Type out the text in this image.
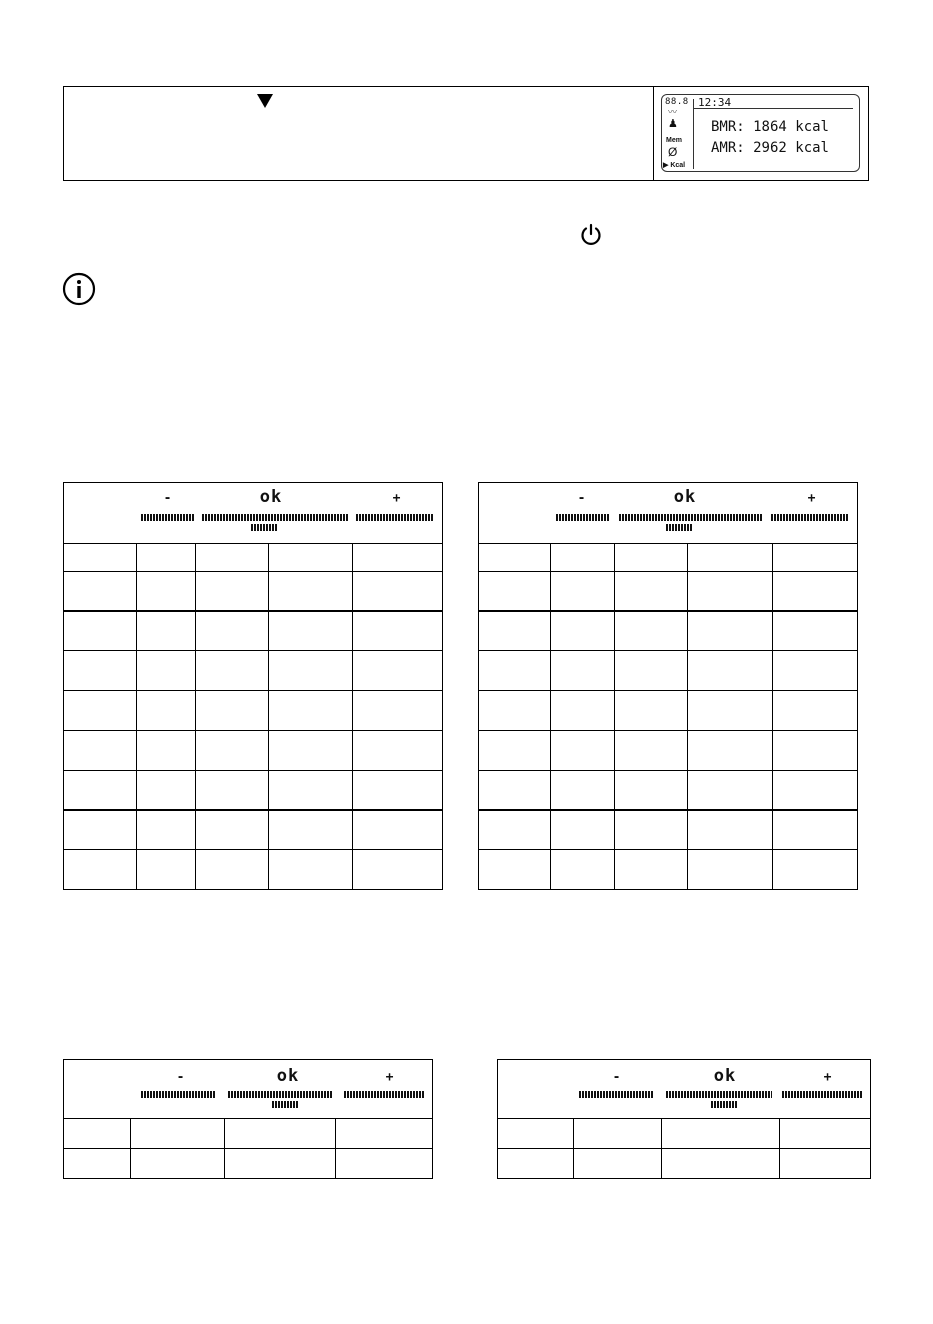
88.8 12:34
〰
♟
Mem
Ø
▶ Kcal
BMR: 1864 kcal
AMR: 2962 kcal
- ok +				

					- ok +				

- ok +			

				- ok +			
